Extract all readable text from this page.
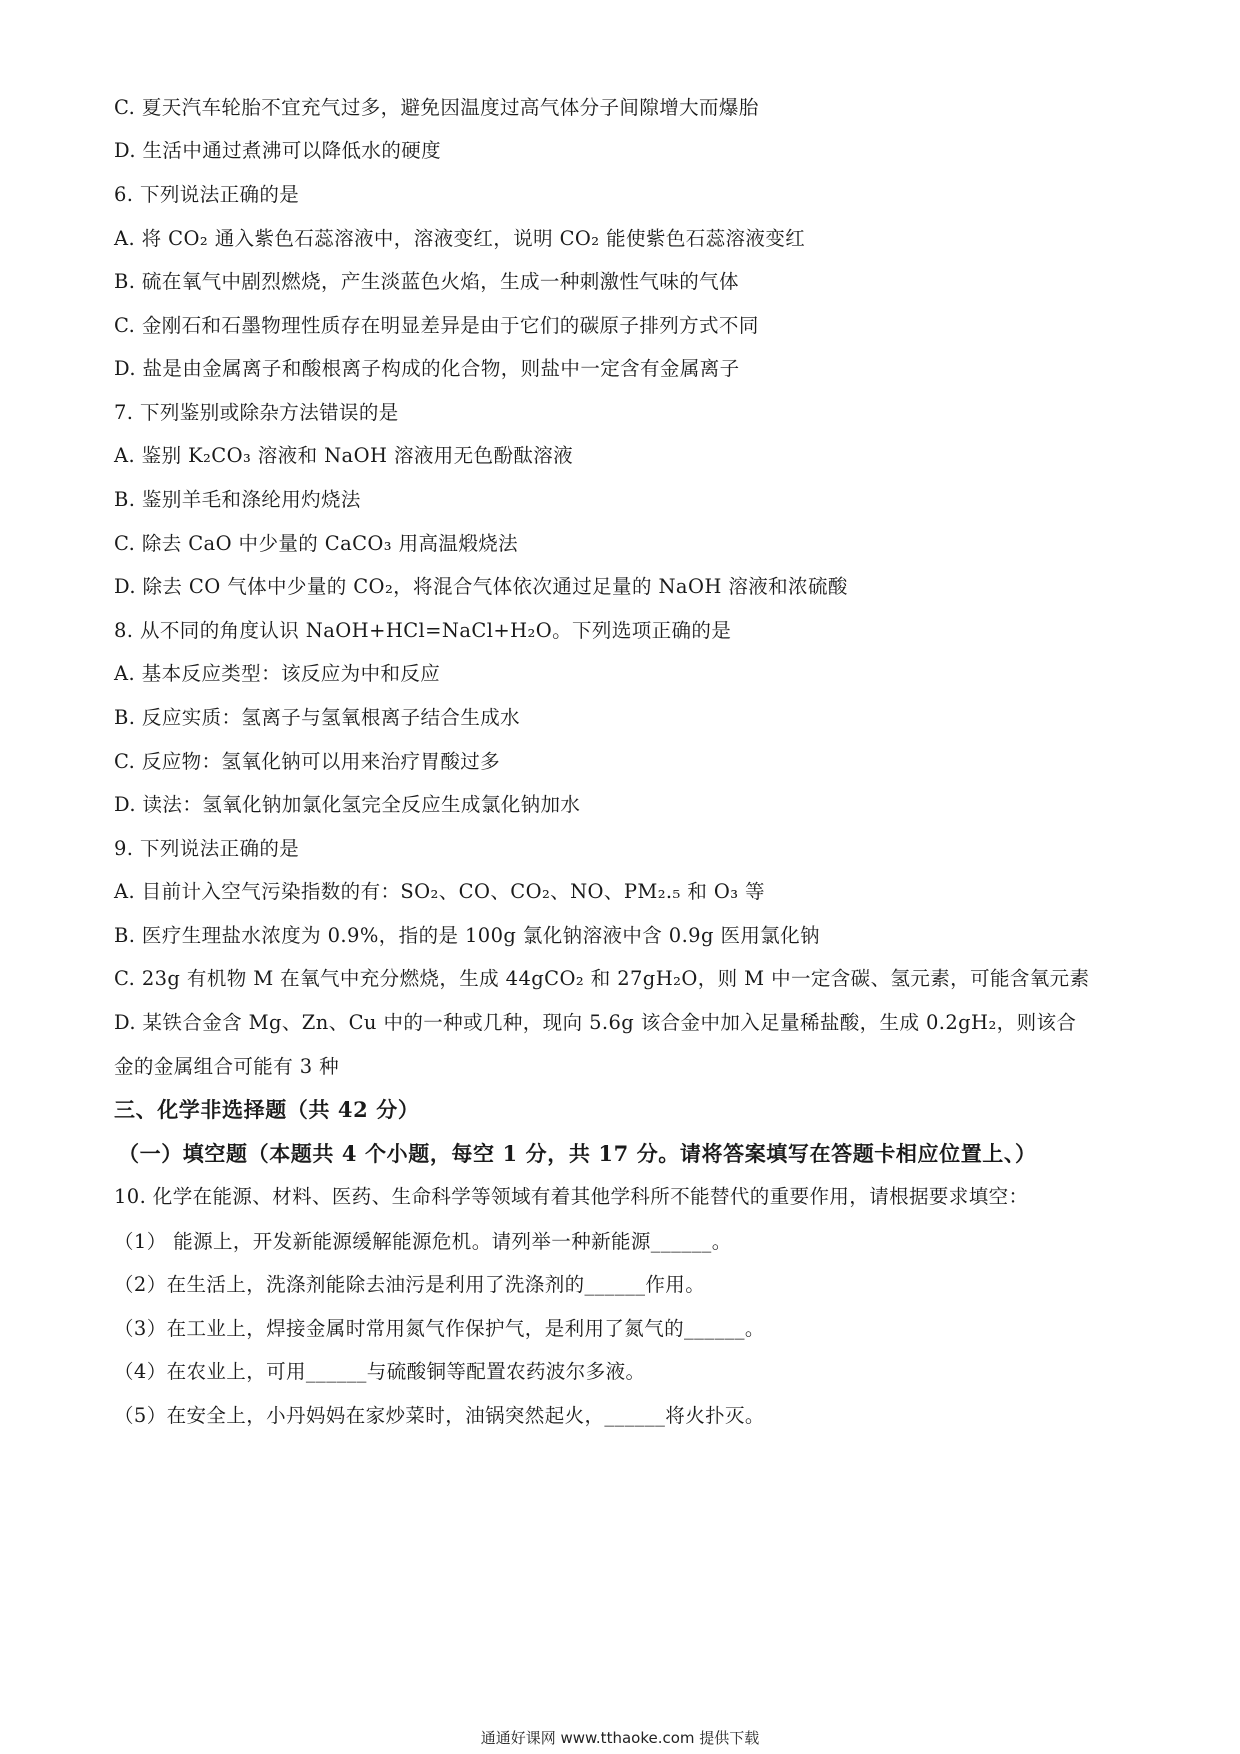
C. 夏天汽车轮胎不宜充气过多，避免因温度过高气体分子间隙增大而爆胎
D. 生活中通过煮沸可以降低水的硬度
6. 下列说法正确的是
A. 将 CO₂ 通入紫色石蕊溶液中，溶液变红，说明 CO₂ 能使紫色石蕊溶液变红
B. 硫在氧气中剧烈燃烧，产生淡蓝色火焰，生成一种刺激性气味的气体
C. 金刚石和石墨物理性质存在明显差异是由于它们的碳原子排列方式不同
D. 盐是由金属离子和酸根离子构成的化合物，则盐中一定含有金属离子
7. 下列鉴别或除杂方法错误的是
A. 鉴别 K₂CO₃ 溶液和 NaOH 溶液用无色酚酞溶液
B. 鉴别羊毛和涤纶用灼烧法
C. 除去 CaO 中少量的 CaCO₃ 用高温煅烧法
D. 除去 CO 气体中少量的 CO₂，将混合气体依次通过足量的 NaOH 溶液和浓硫酸
8. 从不同的角度认识 NaOH+HCl=NaCl+H₂O。下列选项正确的是
A. 基本反应类型：该反应为中和反应
B. 反应实质：氢离子与氢氧根离子结合生成水
C. 反应物：氢氧化钠可以用来治疗胃酸过多
D. 读法：氢氧化钠加氯化氢完全反应生成氯化钠加水
9. 下列说法正确的是
A. 目前计入空气污染指数的有：SO₂、CO、CO₂、NO、PM₂.₅ 和 O₃ 等
B. 医疗生理盐水浓度为 0.9%，指的是 100g 氯化钠溶液中含 0.9g 医用氯化钠
C. 23g 有机物 M 在氧气中充分燃烧，生成 44gCO₂ 和 27gH₂O，则 M 中一定含碳、氢元素，可能含氧元素
D. 某铁合金含 Mg、Zn、Cu 中的一种或几种，现向 5.6g 该合金中加入足量稀盐酸，生成 0.2gH₂，则该合
金的金属组合可能有 3 种
三、化学非选择题（共 42 分）
（一）填空题（本题共 4 个小题，每空 1 分，共 17 分。请将答案填写在答题卡相应位置上、）
10. 化学在能源、材料、医药、生命科学等领域有着其他学科所不能替代的重要作用，请根据要求填空：
（1） 能源上，开发新能源缓解能源危机。请列举一种新能源______。
（2）在生活上，洗涤剂能除去油污是利用了洗涤剂的______作用。
（3）在工业上，焊接金属时常用氮气作保护气，是利用了氮气的______。
（4）在农业上，可用______与硫酸铜等配置农药波尔多液。
（5）在安全上，小丹妈妈在家炒菜时，油锅突然起火，______将火扑灭。
通通好课网 www.tthaoke.com 提供下载
